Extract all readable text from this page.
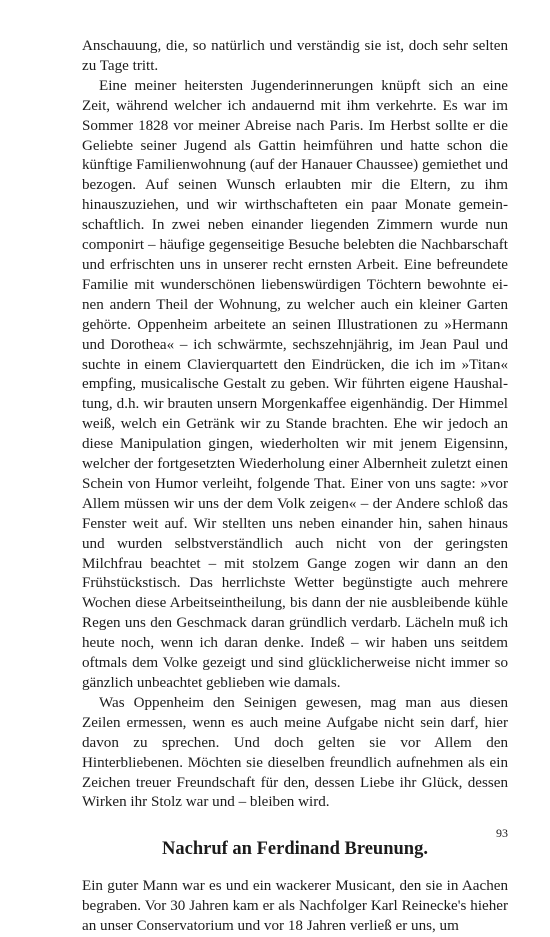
Anschauung, die, so natürlich und verständig sie ist, doch sehr selten zu Tage tritt.

Eine meiner heitersten Jugenderinnerungen knüpft sich an eine Zeit, während welcher ich andauernd mit ihm verkehrte. Es war im Sommer 1828 vor meiner Abreise nach Paris. Im Herbst sollte er die Geliebte seiner Jugend als Gattin heimführen und hatte schon die künftige Familienwohnung (auf der Hanauer Chaussee) gemiethet und bezogen. Auf seinen Wunsch erlaubten mir die Eltern, zu ihm hinauszuziehen, und wir wirthschafteten ein paar Monate gemeinschaftlich. In zwei neben einander liegenden Zimmern wurde nun componirt – häufige gegenseitige Besuche belebten die Nachbarschaft und erfrischten uns in unserer recht ernsten Arbeit. Eine befreundete Familie mit wunderschönen liebenswürdigen Töchtern bewohnte einen andern Theil der Wohnung, zu welcher auch ein kleiner Garten gehörte. Oppenheim arbeitete an seinen Illustrationen zu »Hermann und Dorothea« – ich schwärmte, sechszehnjährig, im Jean Paul und suchte in einem Clavierquartett den Eindrücken, die ich im »Titan« empfing, musicalische Gestalt zu geben. Wir führten eigene Haushaltung, d.h. wir brauten unsern Morgenkaffee eigenhändig. Der Himmel weiß, welch ein Getränk wir zu Stande brachten. Ehe wir jedoch an diese Manipulation gingen, wiederholten wir mit jenem Eigensinn, welcher der fortgesetzten Wiederholung einer Albernheit zuletzt einen Schein von Humor verleiht, folgende That. Einer von uns sagte: »vor Allem müssen wir uns der dem Volk zeigen« – der Andere schloß das Fenster weit auf. Wir stellten uns neben einander hin, sahen hinaus und wurden selbstverständlich auch nicht von der geringsten Milchfrau beachtet – mit stolzem Gange zogen wir dann an den Frühstückstisch. Das herrlichste Wetter begünstigte auch mehrere Wochen diese Arbeitseintheilung, bis dann der nie ausbleibende kühle Regen uns den Geschmack daran gründlich verdarb. Lächeln muß ich heute noch, wenn ich daran denke. Indeß – wir haben uns seitdem oftmals dem Volke gezeigt und sind glücklicherweise nicht immer so gänzlich unbeachtet geblieben wie damals.

Was Oppenheim den Seinigen gewesen, mag man aus diesen Zeilen ermessen, wenn es auch meine Aufgabe nicht sein darf, hier davon zu sprechen. Und doch gelten sie vor Allem den Hinterbliebenen. Möchten sie dieselben freundlich aufnehmen als ein Zeichen treuer Freundschaft für den, dessen Liebe ihr Glück, dessen Wirken ihr Stolz war und – bleiben wird.

Nachruf an Ferdinand Breunung.

Ein guter Mann war es und ein wackerer Musicant, den sie in Aachen begraben. Vor 30 Jahren kam er als Nachfolger Karl Reinecke's hieher an unser Conservatorium und vor 18 Jahren verließ er uns, um

93
